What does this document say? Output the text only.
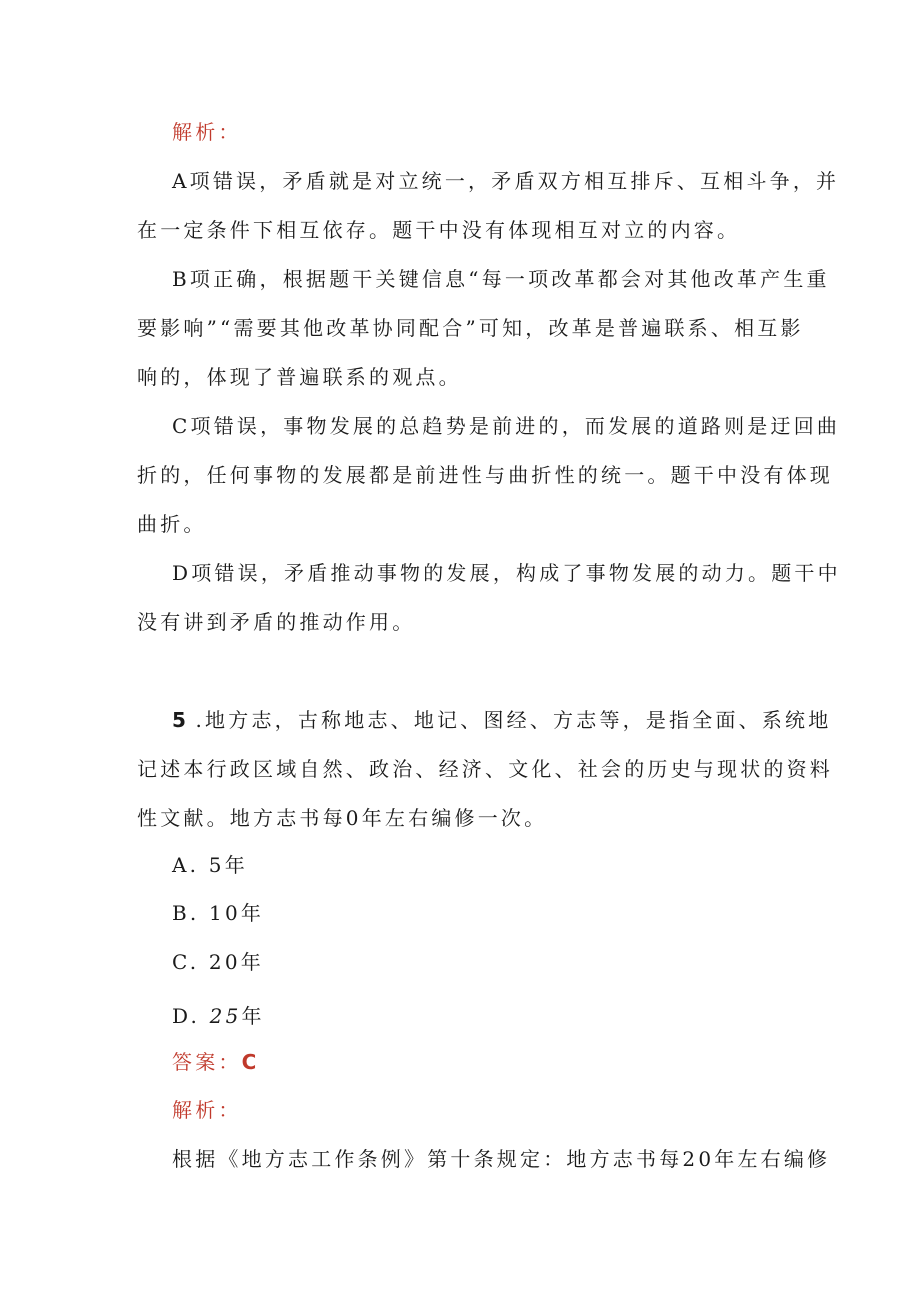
解析：
A项错误，矛盾就是对立统一，矛盾双方相互排斥、互相斗争，并
在一定条件下相互依存。题干中没有体现相互对立的内容。
B项正确，根据题干关键信息“每一项改革都会对其他改革产生重
要影响”“需要其他改革协同配合”可知，改革是普遍联系、相互影
响的，体现了普遍联系的观点。
C项错误，事物发展的总趋势是前进的，而发展的道路则是迂回曲
折的，任何事物的发展都是前进性与曲折性的统一。题干中没有体现
曲折。
D项错误，矛盾推动事物的发展，构成了事物发展的动力。题干中
没有讲到矛盾的推动作用。
5 .地方志，古称地志、地记、图经、方志等，是指全面、系统地
记述本行政区域自然、政治、经济、文化、社会的历史与现状的资料
性文献。地方志书每0年左右编修一次。
A. 5年
B. 10年
C. 20年
D. 25年
答案：C
解析：
根据《地方志工作条例》第十条规定：地方志书每20年左右编修
